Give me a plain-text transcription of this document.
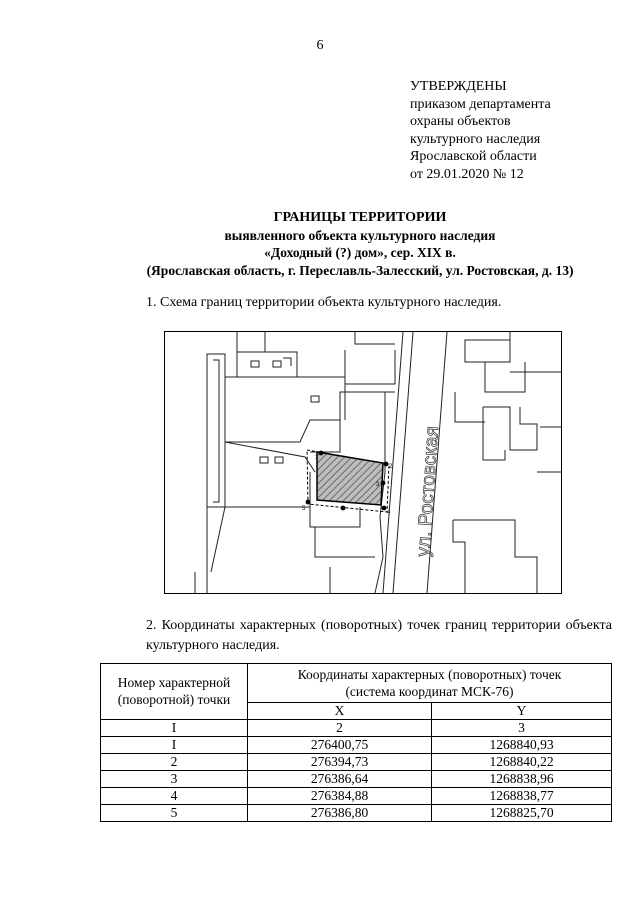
6
УТВЕРЖДЕНЫ
приказом департамента
охраны объектов
культурного наследия
Ярославской области
от 29.01.2020 № 12
ГРАНИЦЫ ТЕРРИТОРИИ
выявленного объекта культурного наследия
«Доходный (?) дом», сер. XIX в.
(Ярославская область, г. Переславль-Залесский, ул. Ростовская, д. 13)
1. Схема границ территории объекта культурного наследия.
1
2
3
4
5	ул. Ростовская
2. Координаты характерных (поворотных) точек границ территории объекта культурного наследия.
Номер характерной (поворотной) точки	Координаты характерных (поворотных) точек (система координат МСК-76)	
	X	Y
I	2	3
I	276400,75	1268840,93
2	276394,73	1268840,22
3	276386,64	1268838,96
4	276384,88	1268838,77
5	276386,80	1268825,70
